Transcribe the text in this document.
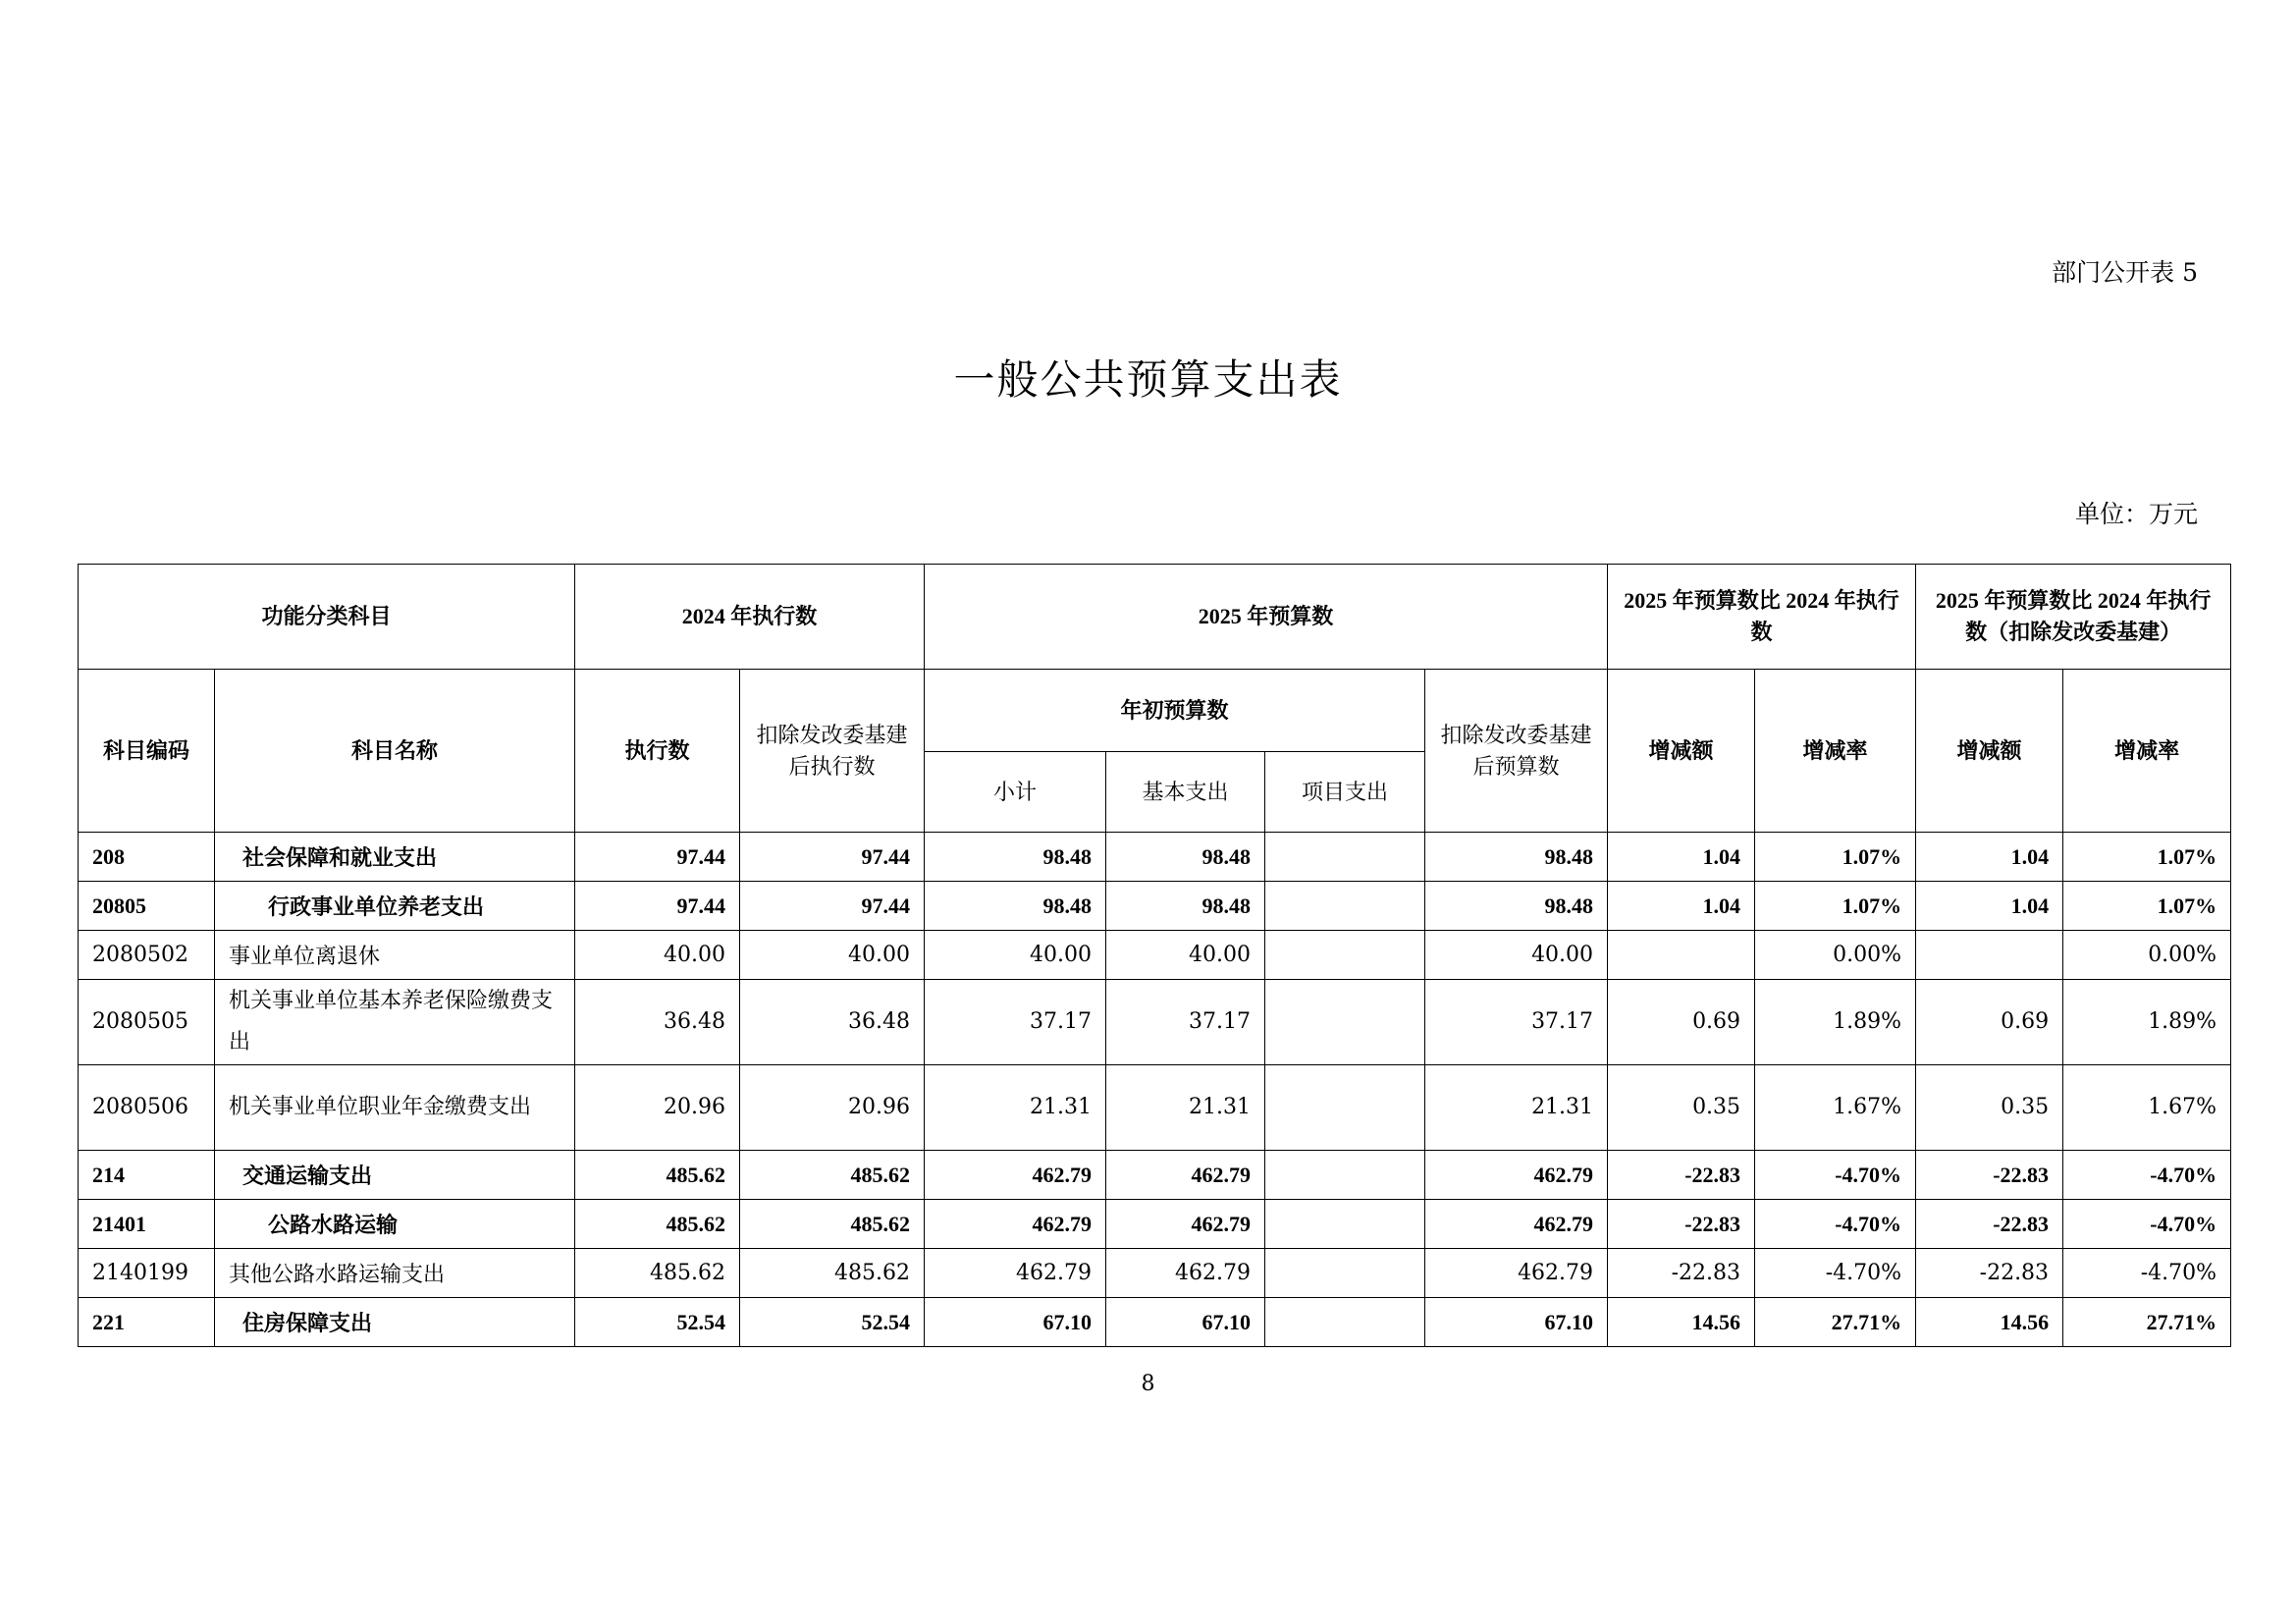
部门公开表 5
一般公共预算支出表
单位：万元
功能分类科目		2024 年执行数		2025 年预算数				2025 年预算数比 2024 年执行数		2025 年预算数比 2024 年执行数（扣除发改委基建）	
科目编码	科目名称	执行数	扣除发改委基建后执行数	年初预算数			扣除发改委基建后预算数	增减额	增减率	增减额	增减率
				小计	基本支出	项目支出					
208	社会保障和就业支出	97.44	97.44	98.48	98.48		98.48	1.04	1.07%	1.04	1.07%
20805	行政事业单位养老支出	97.44	97.44	98.48	98.48		98.48	1.04	1.07%	1.04	1.07%
2080502	事业单位离退休	40.00	40.00	40.00	40.00		40.00		0.00%		0.00%
2080505	机关事业单位基本养老保险缴费支出	36.48	36.48	37.17	37.17		37.17	0.69	1.89%	0.69	1.89%
2080506	机关事业单位职业年金缴费支出	20.96	20.96	21.31	21.31		21.31	0.35	1.67%	0.35	1.67%
214	交通运输支出	485.62	485.62	462.79	462.79		462.79	-22.83	-4.70%	-22.83	-4.70%
21401	公路水路运输	485.62	485.62	462.79	462.79		462.79	-22.83	-4.70%	-22.83	-4.70%
2140199	其他公路水路运输支出	485.62	485.62	462.79	462.79		462.79	-22.83	-4.70%	-22.83	-4.70%
221	住房保障支出	52.54	52.54	67.10	67.10		67.10	14.56	27.71%	14.56	27.71%
8
